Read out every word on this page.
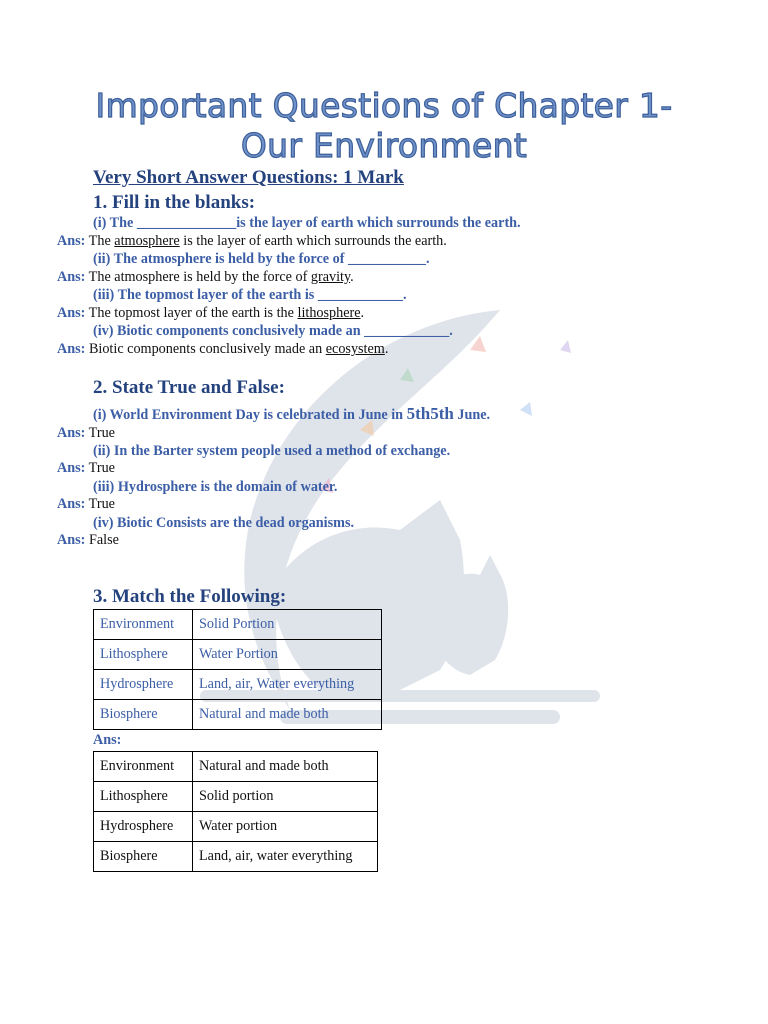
Important Questions of Chapter 1- Our Environment
Very Short Answer Questions: 1 Mark
1. Fill in the blanks:
(i) The ______________is the layer of earth which surrounds the earth.
Ans: The atmosphere is the layer of earth which surrounds the earth.
(ii) The atmosphere is held by the force of ___________.
Ans: The atmosphere is held by the force of gravity.
(iii) The topmost layer of the earth is ____________.
Ans: The topmost layer of the earth is the lithosphere.
(iv) Biotic components conclusively made an ____________.
Ans: Biotic components conclusively made an ecosystem.
2. State True and False:
(i) World Environment Day is celebrated in June in 5th5th June.
Ans: True
(ii) In the Barter system people used a method of exchange.
Ans: True
(iii) Hydrosphere is the domain of water.
Ans: True
(iv) Biotic Consists are the dead organisms.
Ans: False
3. Match the Following:
Environment	Solid Portion
Lithosphere	Water Portion
Hydrosphere	Land, air, Water everything
Biosphere	Natural and made both
Ans:
Environment	Natural and made both
Lithosphere	Solid portion
Hydrosphere	Water portion
Biosphere	Land, air, water everything
